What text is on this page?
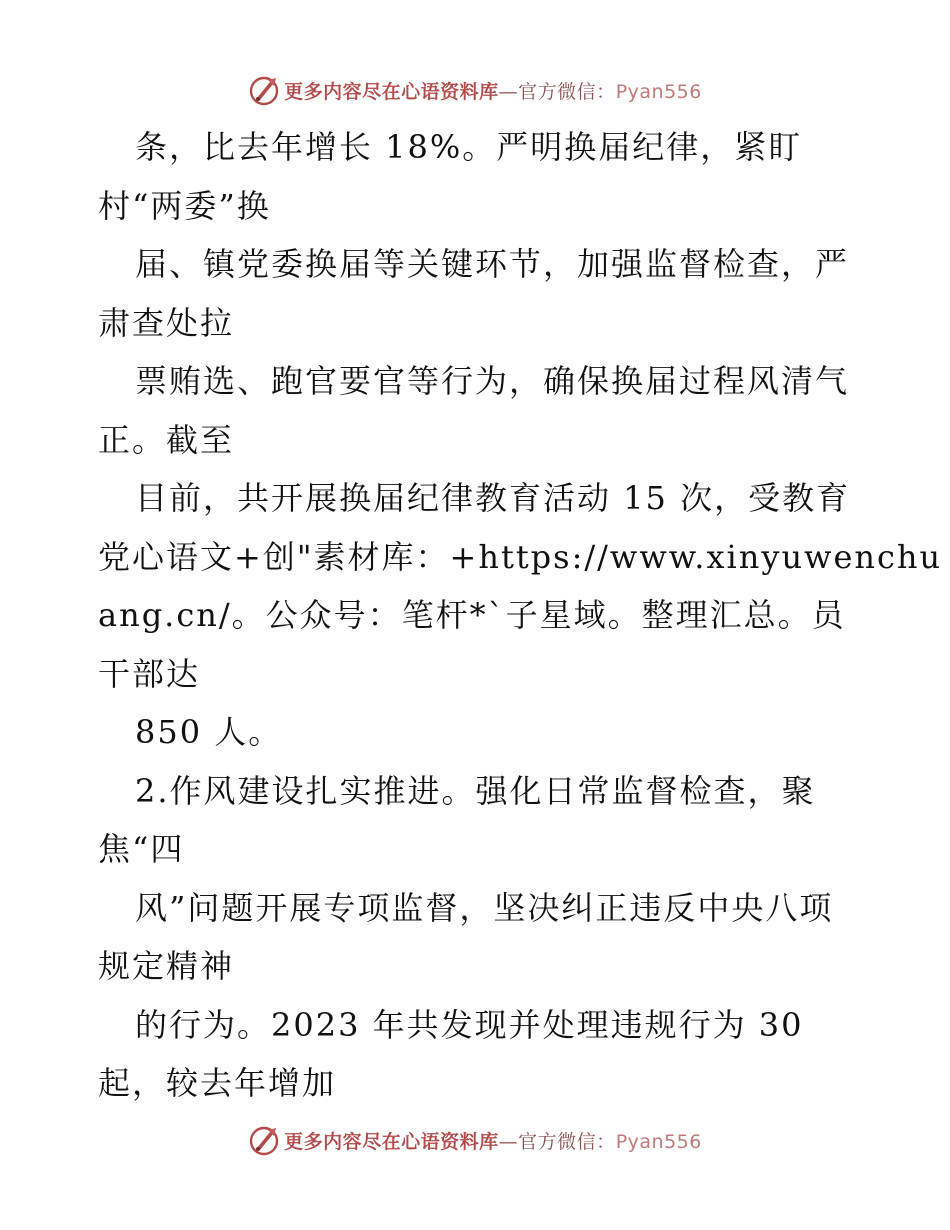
更多内容尽在心语资料库—官方微信：Pyan556
条，比去年增长 18%。严明换届纪律，紧盯
村“两委”换
届、镇党委换届等关键环节，加强监督检查，严
肃查处拉
票贿选、跑官要官等行为，确保换届过程风清气
正。截至
目前，共开展换届纪律教育活动 15 次，受教育
党心语文+创"素材库：+https://www.xinyuwenchu
ang.cn/。公众号：笔杆*`子星域。整理汇总。员
干部达
850 人。
2.作风建设扎实推进。强化日常监督检查，聚
焦“四
风”问题开展专项监督，坚决纠正违反中央八项
规定精神
的行为。2023 年共发现并处理违规行为 30
起，较去年增加
更多内容尽在心语资料库—官方微信：Pyan556
